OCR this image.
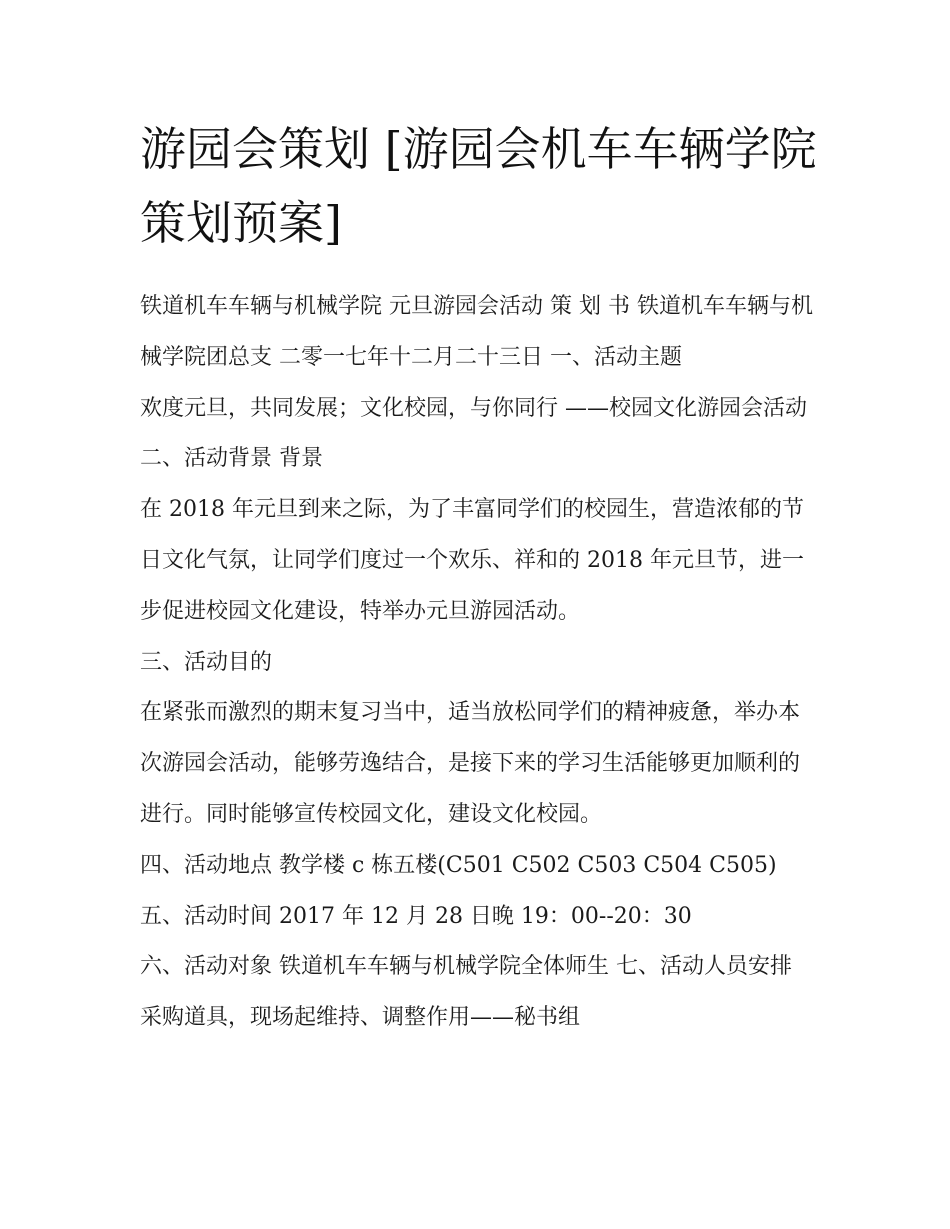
游园会策划 [游园会机车车辆学院策划预案]

铁道机车车辆与机械学院 元旦游园会活动 策 划 书 铁道机车车辆与机械学院团总支 二零一七年十二月二十三日 一、活动主题

欢度元旦，共同发展；文化校园，与你同行 ——校园文化游园会活动 二、活动背景 背景

在 2018 年元旦到来之际，为了丰富同学们的校园生，营造浓郁的节日文化气氛，让同学们度过一个欢乐、祥和的 2018 年元旦节，进一步促进校园文化建设，特举办元旦游园活动。

三、活动目的

在紧张而激烈的期末复习当中，适当放松同学们的精神疲惫，举办本次游园会活动，能够劳逸结合，是接下来的学习生活能够更加顺利的进行。同时能够宣传校园文化，建设文化校园。

四、活动地点 教学楼 c 栋五楼(C501 C502 C503 C504 C505) 五、活动时间 2017 年 12 月 28 日晚 19：00--20：30

六、活动对象 铁道机车车辆与机械学院全体师生 七、活动人员安排 采购道具，现场起维持、调整作用——秘书组
